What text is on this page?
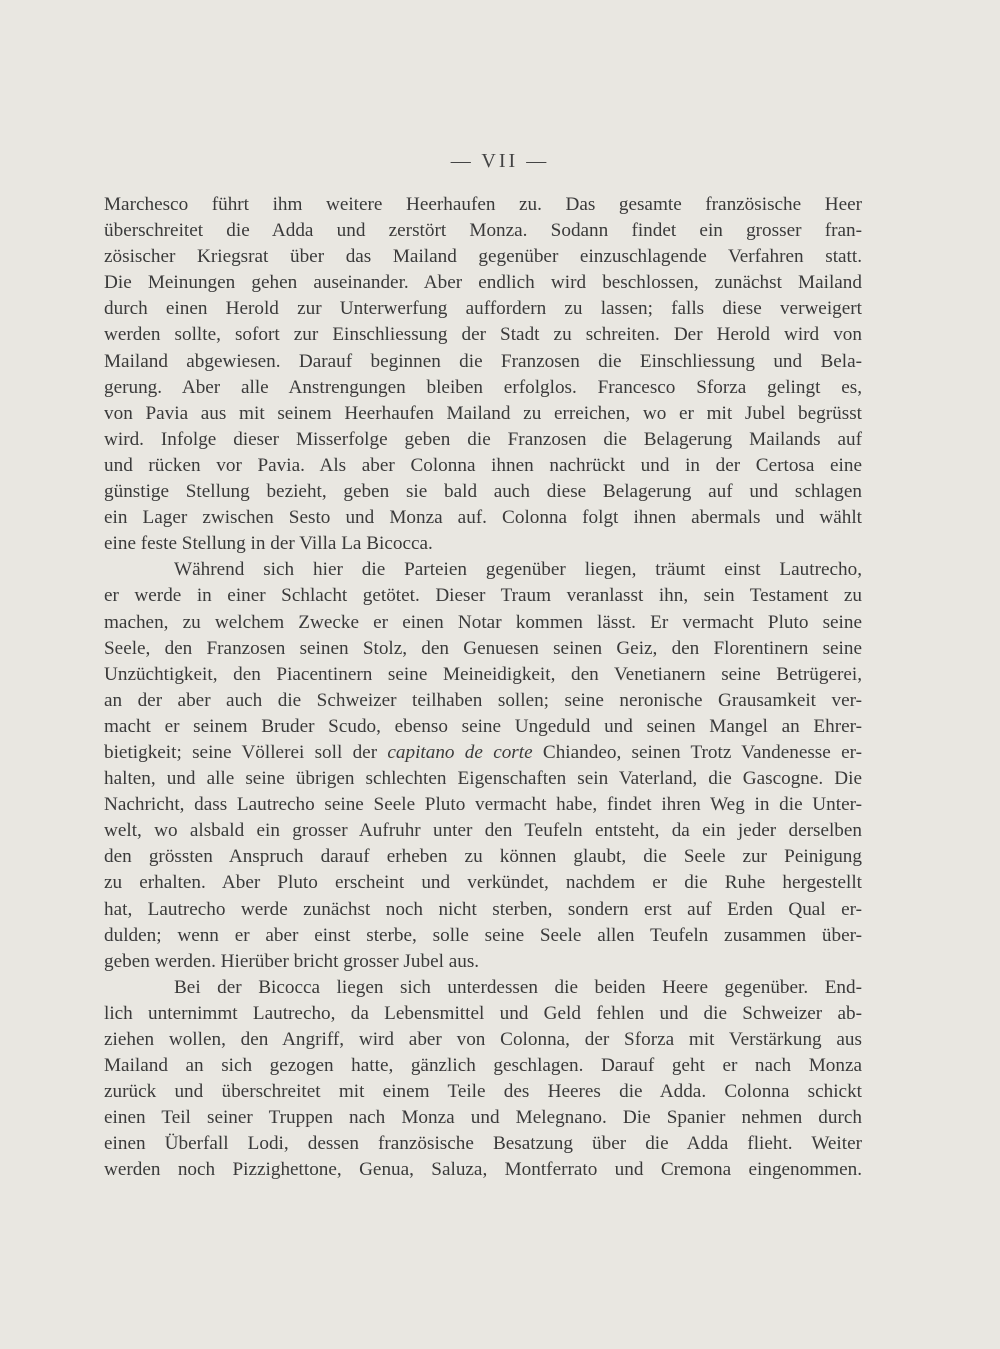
— VII —
Marchesco führt ihm weitere Heerhaufen zu. Das gesamte französische Heer
überschreitet die Adda und zerstört Monza. Sodann findet ein grosser fran-
zösischer Kriegsrat über das Mailand gegenüber einzuschlagende Verfahren statt.
Die Meinungen gehen auseinander. Aber endlich wird beschlossen, zunächst Mailand
durch einen Herold zur Unterwerfung auffordern zu lassen; falls diese verweigert
werden sollte, sofort zur Einschliessung der Stadt zu schreiten. Der Herold wird von
Mailand abgewiesen. Darauf beginnen die Franzosen die Einschliessung und Bela-
gerung. Aber alle Anstrengungen bleiben erfolglos. Francesco Sforza gelingt es,
von Pavia aus mit seinem Heerhaufen Mailand zu erreichen, wo er mit Jubel begrüsst
wird. Infolge dieser Misserfolge geben die Franzosen die Belagerung Mailands auf
und rücken vor Pavia. Als aber Colonna ihnen nachrückt und in der Certosa eine
günstige Stellung bezieht, geben sie bald auch diese Belagerung auf und schlagen
ein Lager zwischen Sesto und Monza auf. Colonna folgt ihnen abermals und wählt
eine feste Stellung in der Villa La Bicocca.
Während sich hier die Parteien gegenüber liegen, träumt einst Lautrecho,
er werde in einer Schlacht getötet. Dieser Traum veranlasst ihn, sein Testament zu
machen, zu welchem Zwecke er einen Notar kommen lässt. Er vermacht Pluto seine
Seele, den Franzosen seinen Stolz, den Genuesen seinen Geiz, den Florentinern seine
Unzüchtigkeit, den Piacentinern seine Meineidigkeit, den Venetianern seine Betrügerei,
an der aber auch die Schweizer teilhaben sollen; seine neronische Grausamkeit ver-
macht er seinem Bruder Scudo, ebenso seine Ungeduld und seinen Mangel an Ehrer-
bietigkeit; seine Völlerei soll der capitano de corte Chiandeo, seinen Trotz Vandenesse er-
halten, und alle seine übrigen schlechten Eigenschaften sein Vaterland, die Gascogne. Die
Nachricht, dass Lautrecho seine Seele Pluto vermacht habe, findet ihren Weg in die Unter-
welt, wo alsbald ein grosser Aufruhr unter den Teufeln entsteht, da ein jeder derselben
den grössten Anspruch darauf erheben zu können glaubt, die Seele zur Peinigung
zu erhalten. Aber Pluto erscheint und verkündet, nachdem er die Ruhe hergestellt
hat, Lautrecho werde zunächst noch nicht sterben, sondern erst auf Erden Qual er-
dulden; wenn er aber einst sterbe, solle seine Seele allen Teufeln zusammen über-
geben werden. Hierüber bricht grosser Jubel aus.
Bei der Bicocca liegen sich unterdessen die beiden Heere gegenüber. End-
lich unternimmt Lautrecho, da Lebensmittel und Geld fehlen und die Schweizer ab-
ziehen wollen, den Angriff, wird aber von Colonna, der Sforza mit Verstärkung aus
Mailand an sich gezogen hatte, gänzlich geschlagen. Darauf geht er nach Monza
zurück und überschreitet mit einem Teile des Heeres die Adda. Colonna schickt
einen Teil seiner Truppen nach Monza und Melegnano. Die Spanier nehmen durch
einen Überfall Lodi, dessen französische Besatzung über die Adda flieht. Weiter
werden noch Pizzighettone, Genua, Saluza, Montferrato und Cremona eingenommen.
